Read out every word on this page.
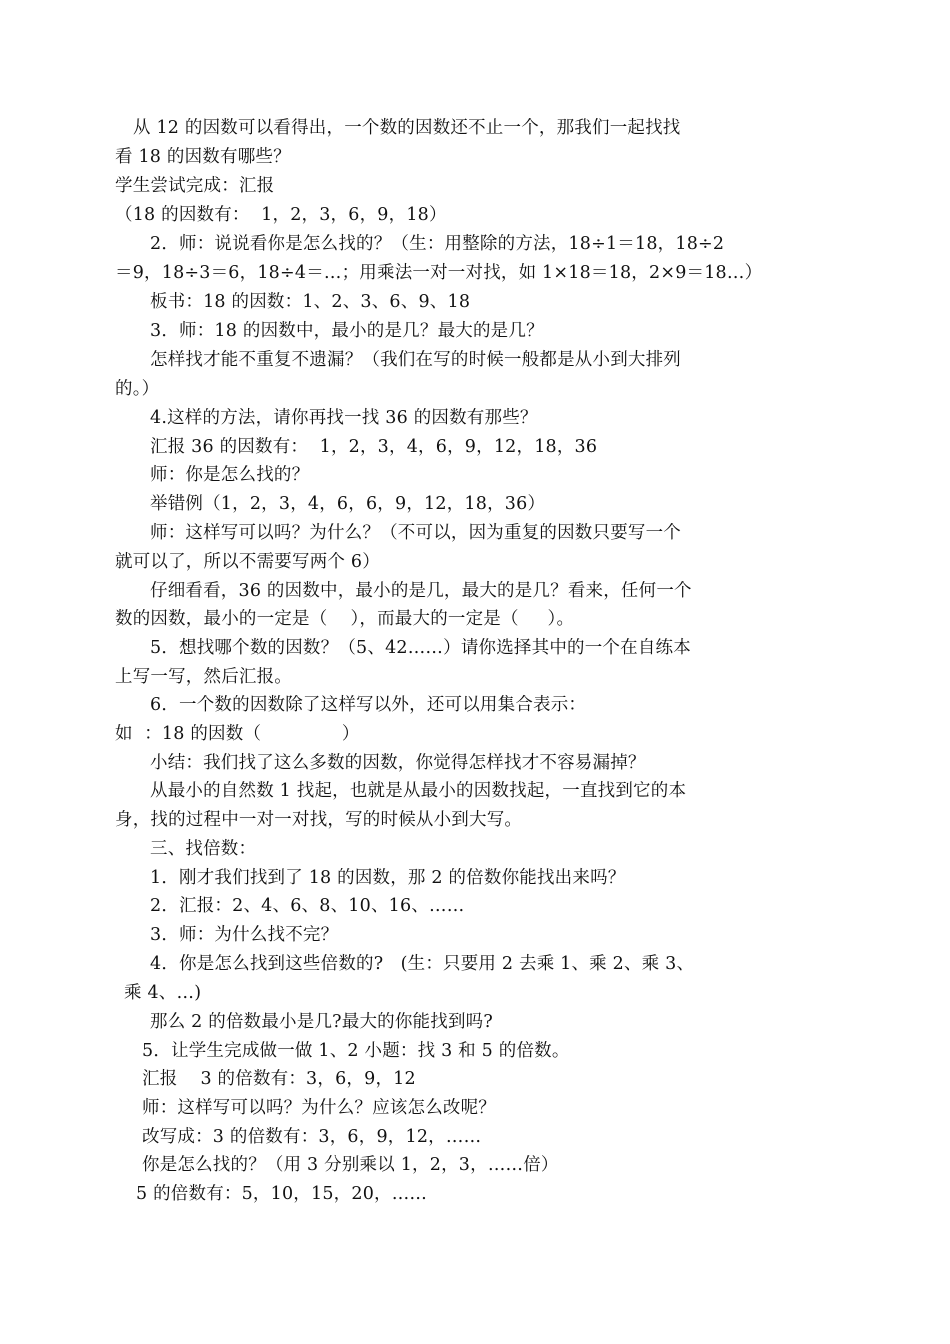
从 12 的因数可以看得出，一个数的因数还不止一个，那我们一起找找
看 18 的因数有哪些？
学生尝试完成：汇报
（18 的因数有：  1，2，3，6，9，18）
2．师：说说看你是怎么找的？（生：用整除的方法，18÷1＝18，18÷2
＝9，18÷3＝6，18÷4＝…；用乘法一对一对找，如 1×18＝18，2×9＝18…）
板书：18 的因数：1、2、3、6、9、18
3．师：18 的因数中，最小的是几？最大的是几？
怎样找才能不重复不遗漏？（我们在写的时候一般都是从小到大排列
的。）
4.这样的方法，请你再找一找 36 的因数有那些？
汇报 36 的因数有：  1，2，3，4，6，9，12，18，36
师：你是怎么找的？
举错例（1，2，3，4，6，6，9，12，18，36）
师：这样写可以吗？为什么？（不可以，因为重复的因数只要写一个
就可以了，所以不需要写两个 6）
仔细看看，36 的因数中，最小的是几，最大的是几？看来，任何一个
数的因数，最小的一定是（    ），而最大的一定是（     ）。
5．想找哪个数的因数？（5、42……）请你选择其中的一个在自练本
上写一写，然后汇报。
6．一个数的因数除了这样写以外，还可以用集合表示：
如  ：18 的因数（              ）
小结：我们找了这么多数的因数，你觉得怎样找才不容易漏掉？
从最小的自然数 1 找起，也就是从最小的因数找起，一直找到它的本
身，找的过程中一对一对找，写的时候从小到大写。
三、找倍数：
1．刚才我们找到了 18 的因数，那 2 的倍数你能找出来吗？
2．汇报：2、4、6、8、10、16、……
3．师：为什么找不完？
4．你是怎么找到这些倍数的?   (生：只要用 2 去乘 1、乘 2、乘 3、
乘 4、…)
那么 2 的倍数最小是几?最大的你能找到吗?
5．让学生完成做一做 1、2 小题：找 3 和 5 的倍数。
汇报    3 的倍数有：3，6，9，12
师：这样写可以吗？为什么？应该怎么改呢？
改写成：3 的倍数有：3，6，9，12，……
你是怎么找的？（用 3 分别乘以 1，2，3，……倍）
5 的倍数有：5，10，15，20，……
